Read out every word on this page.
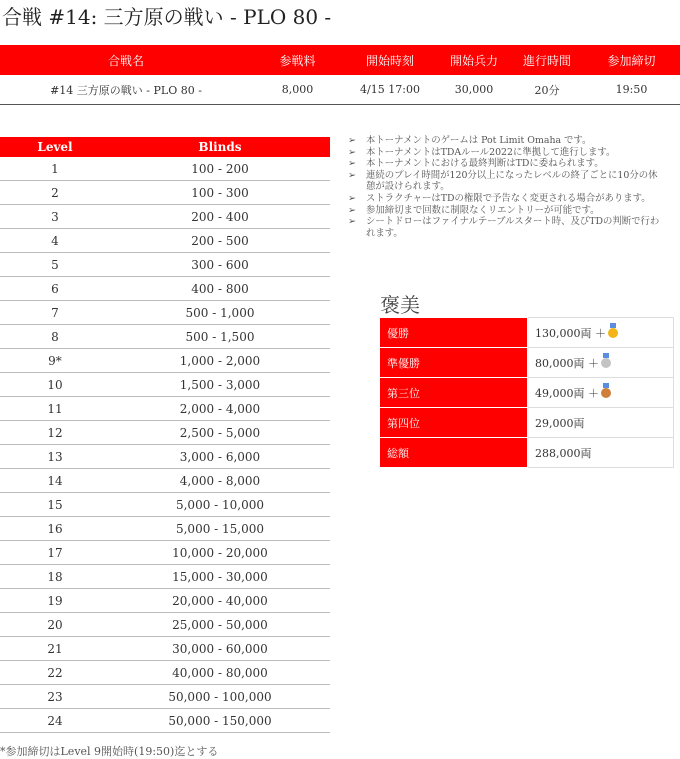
合戦 #14: 三方原の戦い - PLO 80 -
合戦名	参戦料	開始時刻	開始兵力	進行時間	参加締切
#14 三方原の戦い - PLO 80 -	8,000	4/15 17:00	30,000	20分	19:50
Level	Blinds
1	100 - 200
2	100 - 300
3	200 - 400
4	200 - 500
5	300 - 600
6	400 - 800
7	500 - 1,000
8	500 - 1,500
9*	1,000 - 2,000
10	1,500 - 3,000
11	2,000 - 4,000
12	2,500 - 5,000
13	3,000 - 6,000
14	4,000 - 8,000
15	5,000 - 10,000
16	5,000 - 15,000
17	10,000 - 20,000
18	15,000 - 30,000
19	20,000 - 40,000
20	25,000 - 50,000
21	30,000 - 60,000
22	40,000 - 80,000
23	50,000 - 100,000
24	50,000 - 150,000
*参加締切はLevel 9開始時(19:50)迄とする
➢ 本トーナメントのゲームは Pot Limit Omaha です。
➢ 本トーナメントはTDAルール2022に準拠して進行します。
➢ 本トーナメントにおける最終判断はTDに委ねられます。
➢ 連続のプレイ時間が120分以上になったレベルの終了ごとに10分の休
憩が設けられます。
➢ ストラクチャーはTDの権限で予告なく変更される場合があります。
➢ 参加締切まで回数に制限なくリエントリーが可能です。
➢ シートドローはファイナルテーブルスタート時、及びTDの判断で行わ
れます。
褒美
優勝	130,000両 ＋
準優勝	80,000両 ＋
第三位	49,000両 ＋
第四位	29,000両
総額	288,000両
